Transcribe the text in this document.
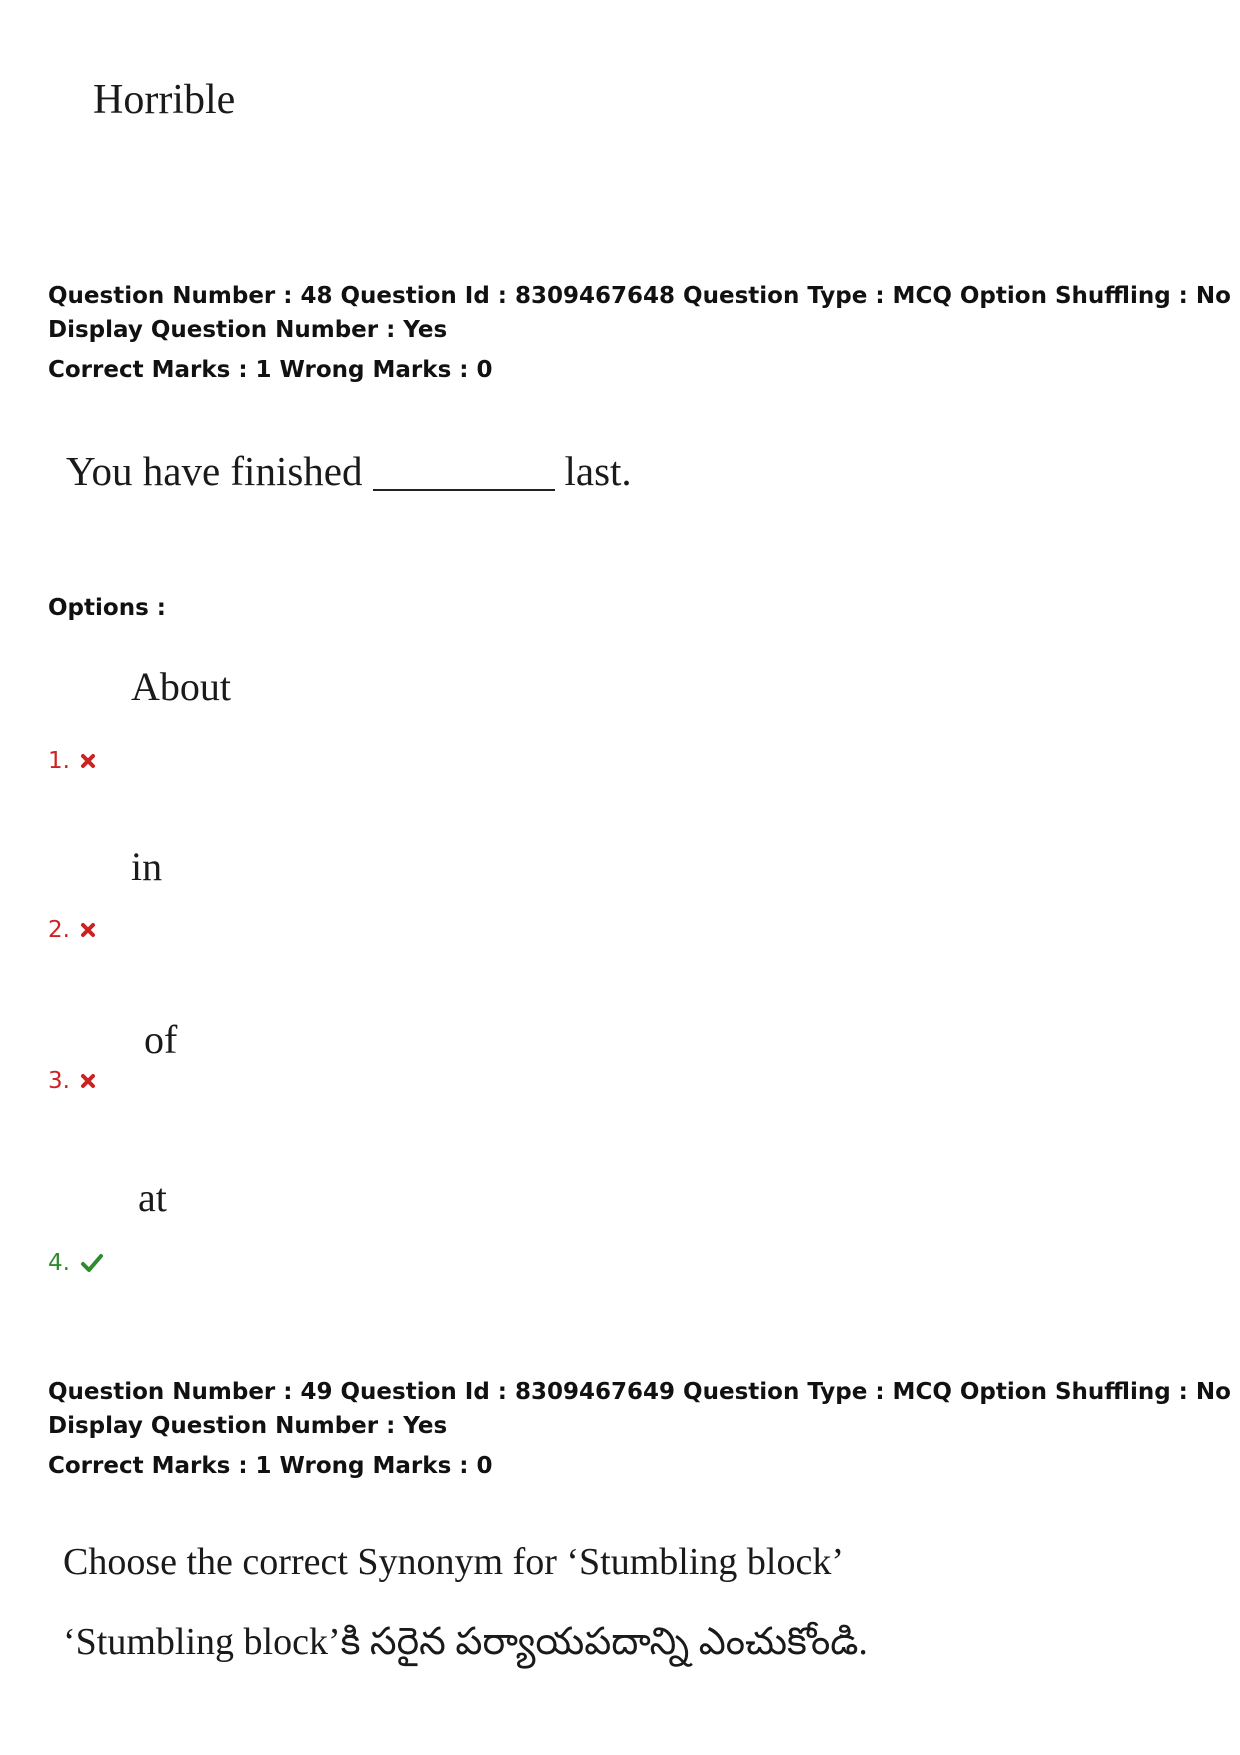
Horrible
Question Number : 48 Question Id : 8309467648 Question Type : MCQ Option Shuffling : No
Display Question Number : Yes
Correct Marks : 1 Wrong Marks : 0
You have finished	last.
Options :
About
1.
in
2.
of
3.
at
4.
Question Number : 49 Question Id : 8309467649 Question Type : MCQ Option Shuffling : No
Display Question Number : Yes
Correct Marks : 1 Wrong Marks : 0
Choose the correct Synonym for ‘Stumbling block’
‘Stumbling block’కి సరైన పర్యాయపదాన్ని ఎంచుకోండి.
